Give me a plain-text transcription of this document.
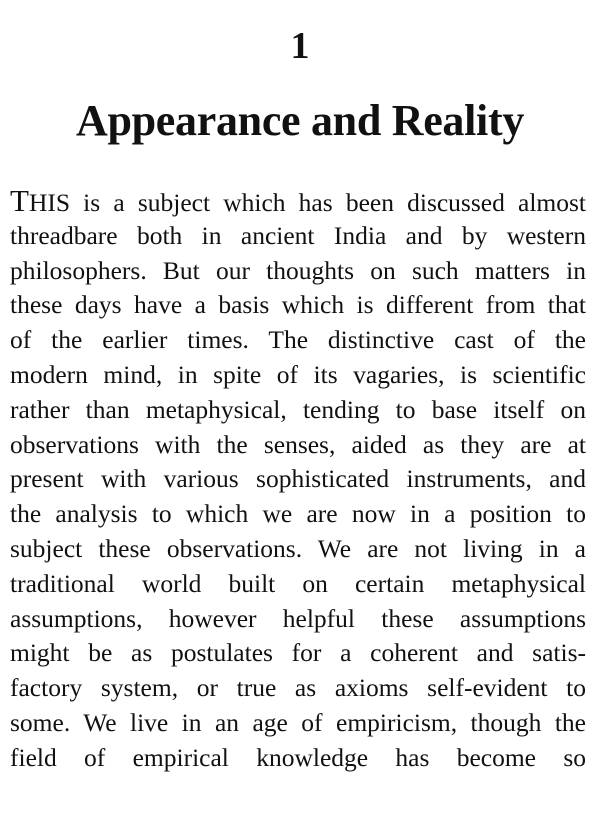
1
Appearance and Reality
THIS is a subject which has been discussed almost
threadbare both in ancient India and by western
philosophers. But our thoughts on such matters in
these days have a basis which is different from that
of the earlier times. The distinctive cast of the
modern mind, in spite of its vagaries, is scientific
rather than metaphysical, tending to base itself on
observations with the senses, aided as they are at
present with various sophisticated instruments, and
the analysis to which we are now in a position to
subject these observations. We are not living in a
traditional world built on certain metaphysical
assumptions, however helpful these assumptions
might be as postulates for a coherent and satis-
factory system, or true as axioms self-evident to
some. We live in an age of empiricism, though the
field of empirical knowledge has become so
